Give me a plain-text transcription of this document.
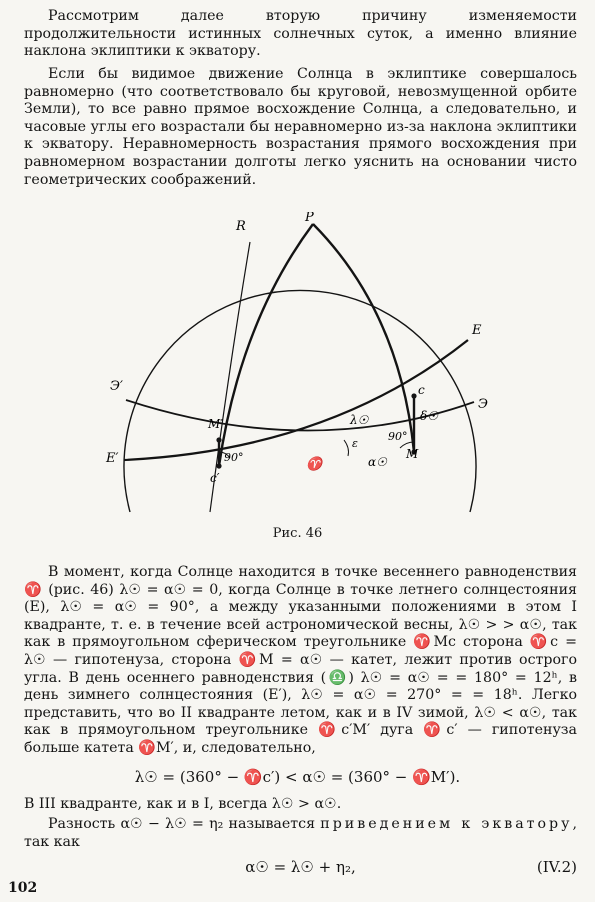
Рассмотрим далее вторую причину изменяемости продолжительности истинных солнечных суток, а именно влияние наклона эклиптики к экватору.

Если бы видимое движение Солнца в эклиптике совершалось равномерно (что соответствовало бы круговой, невозмущенной орбите Земли), то все равно прямое восхождение Солнца, а следовательно, и часовые углы его возрастали бы неравномерно из-за наклона эклиптики к экватору. Неравномерность возрастания прямого восхождения при равномерном возрастании долготы легко уяснить на основании чисто геометрических соображений.

P
R
E
E′
Э
Э′
M
M′
c
c′
♈
ε
λ☉
α☉
δ☉
90°
90°
Рис. 46

В момент, когда Солнце находится в точке весеннего равноденствия ♈ (рис. 46) λ☉ = α☉ = 0, когда Солнце в точке летнего солнцестояния (E), λ☉ = α☉ = 90°, а между указанными положениями в этом I квадранте, т. е. в течение всей астрономической весны, λ☉ > > α☉, так как в прямоугольном сферическом треугольнике ♈Mc сторона ♈c = λ☉ — гипотенуза, сторона ♈M = α☉ — катет, лежит против острого угла. В день осеннего равноденствия (♎) λ☉ = α☉ = = 180° = 12ʰ, в день зимнего солнцестояния (E′), λ☉ = α☉ = 270° = = 18ʰ. Легко представить, что во II квадранте летом, как и в IV зимой, λ☉ < α☉, так как в прямоугольном треугольнике ♈c′M′ дуга ♈c′ — гипотенуза больше катета ♈M′, и, следовательно,

λ☉ = (360° − ♈c′) < α☉ = (360° − ♈M′).

В III квадранте, как и в I, всегда λ☉ > α☉.

Разность α☉ − λ☉ = η₂ называется приведением к экватору, так как

α☉ = λ☉ + η₂,	(IV.2)
102
